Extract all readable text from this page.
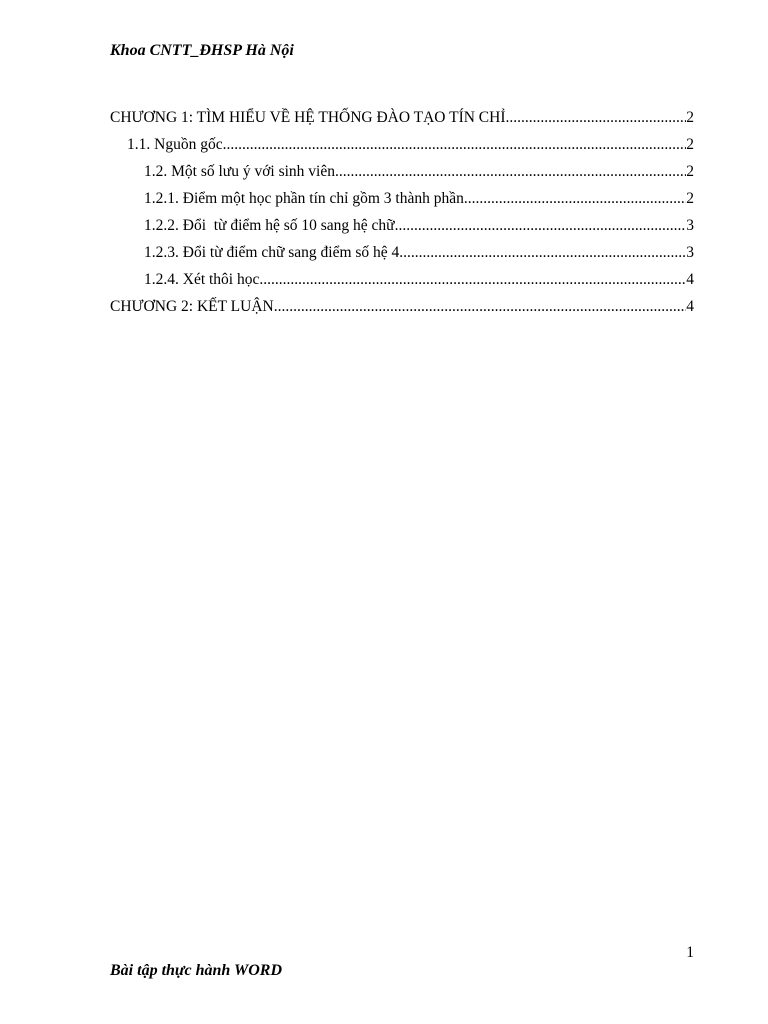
Khoa CNTT_ĐHSP Hà Nội
CHƯƠNG 1: TÌM HIỂU VỀ HỆ THỐNG ĐÀO TẠO TÍN CHỈ .....	2
1.1. Nguồn gốc .....	2
1.2. Một số lưu ý với sinh viên .....	2
1.2.1. Điểm một học phần tín chỉ gồm 3 thành phần .....	2
1.2.2. Đổi  từ điểm hệ số 10 sang hệ chữ .....	3
1.2.3. Đổi từ điểm chữ sang điểm số hệ 4 .....	3
1.2.4. Xét thôi học .....	4
CHƯƠNG 2: KẾT LUẬN .....	4
1
Bài tập thực hành WORD
